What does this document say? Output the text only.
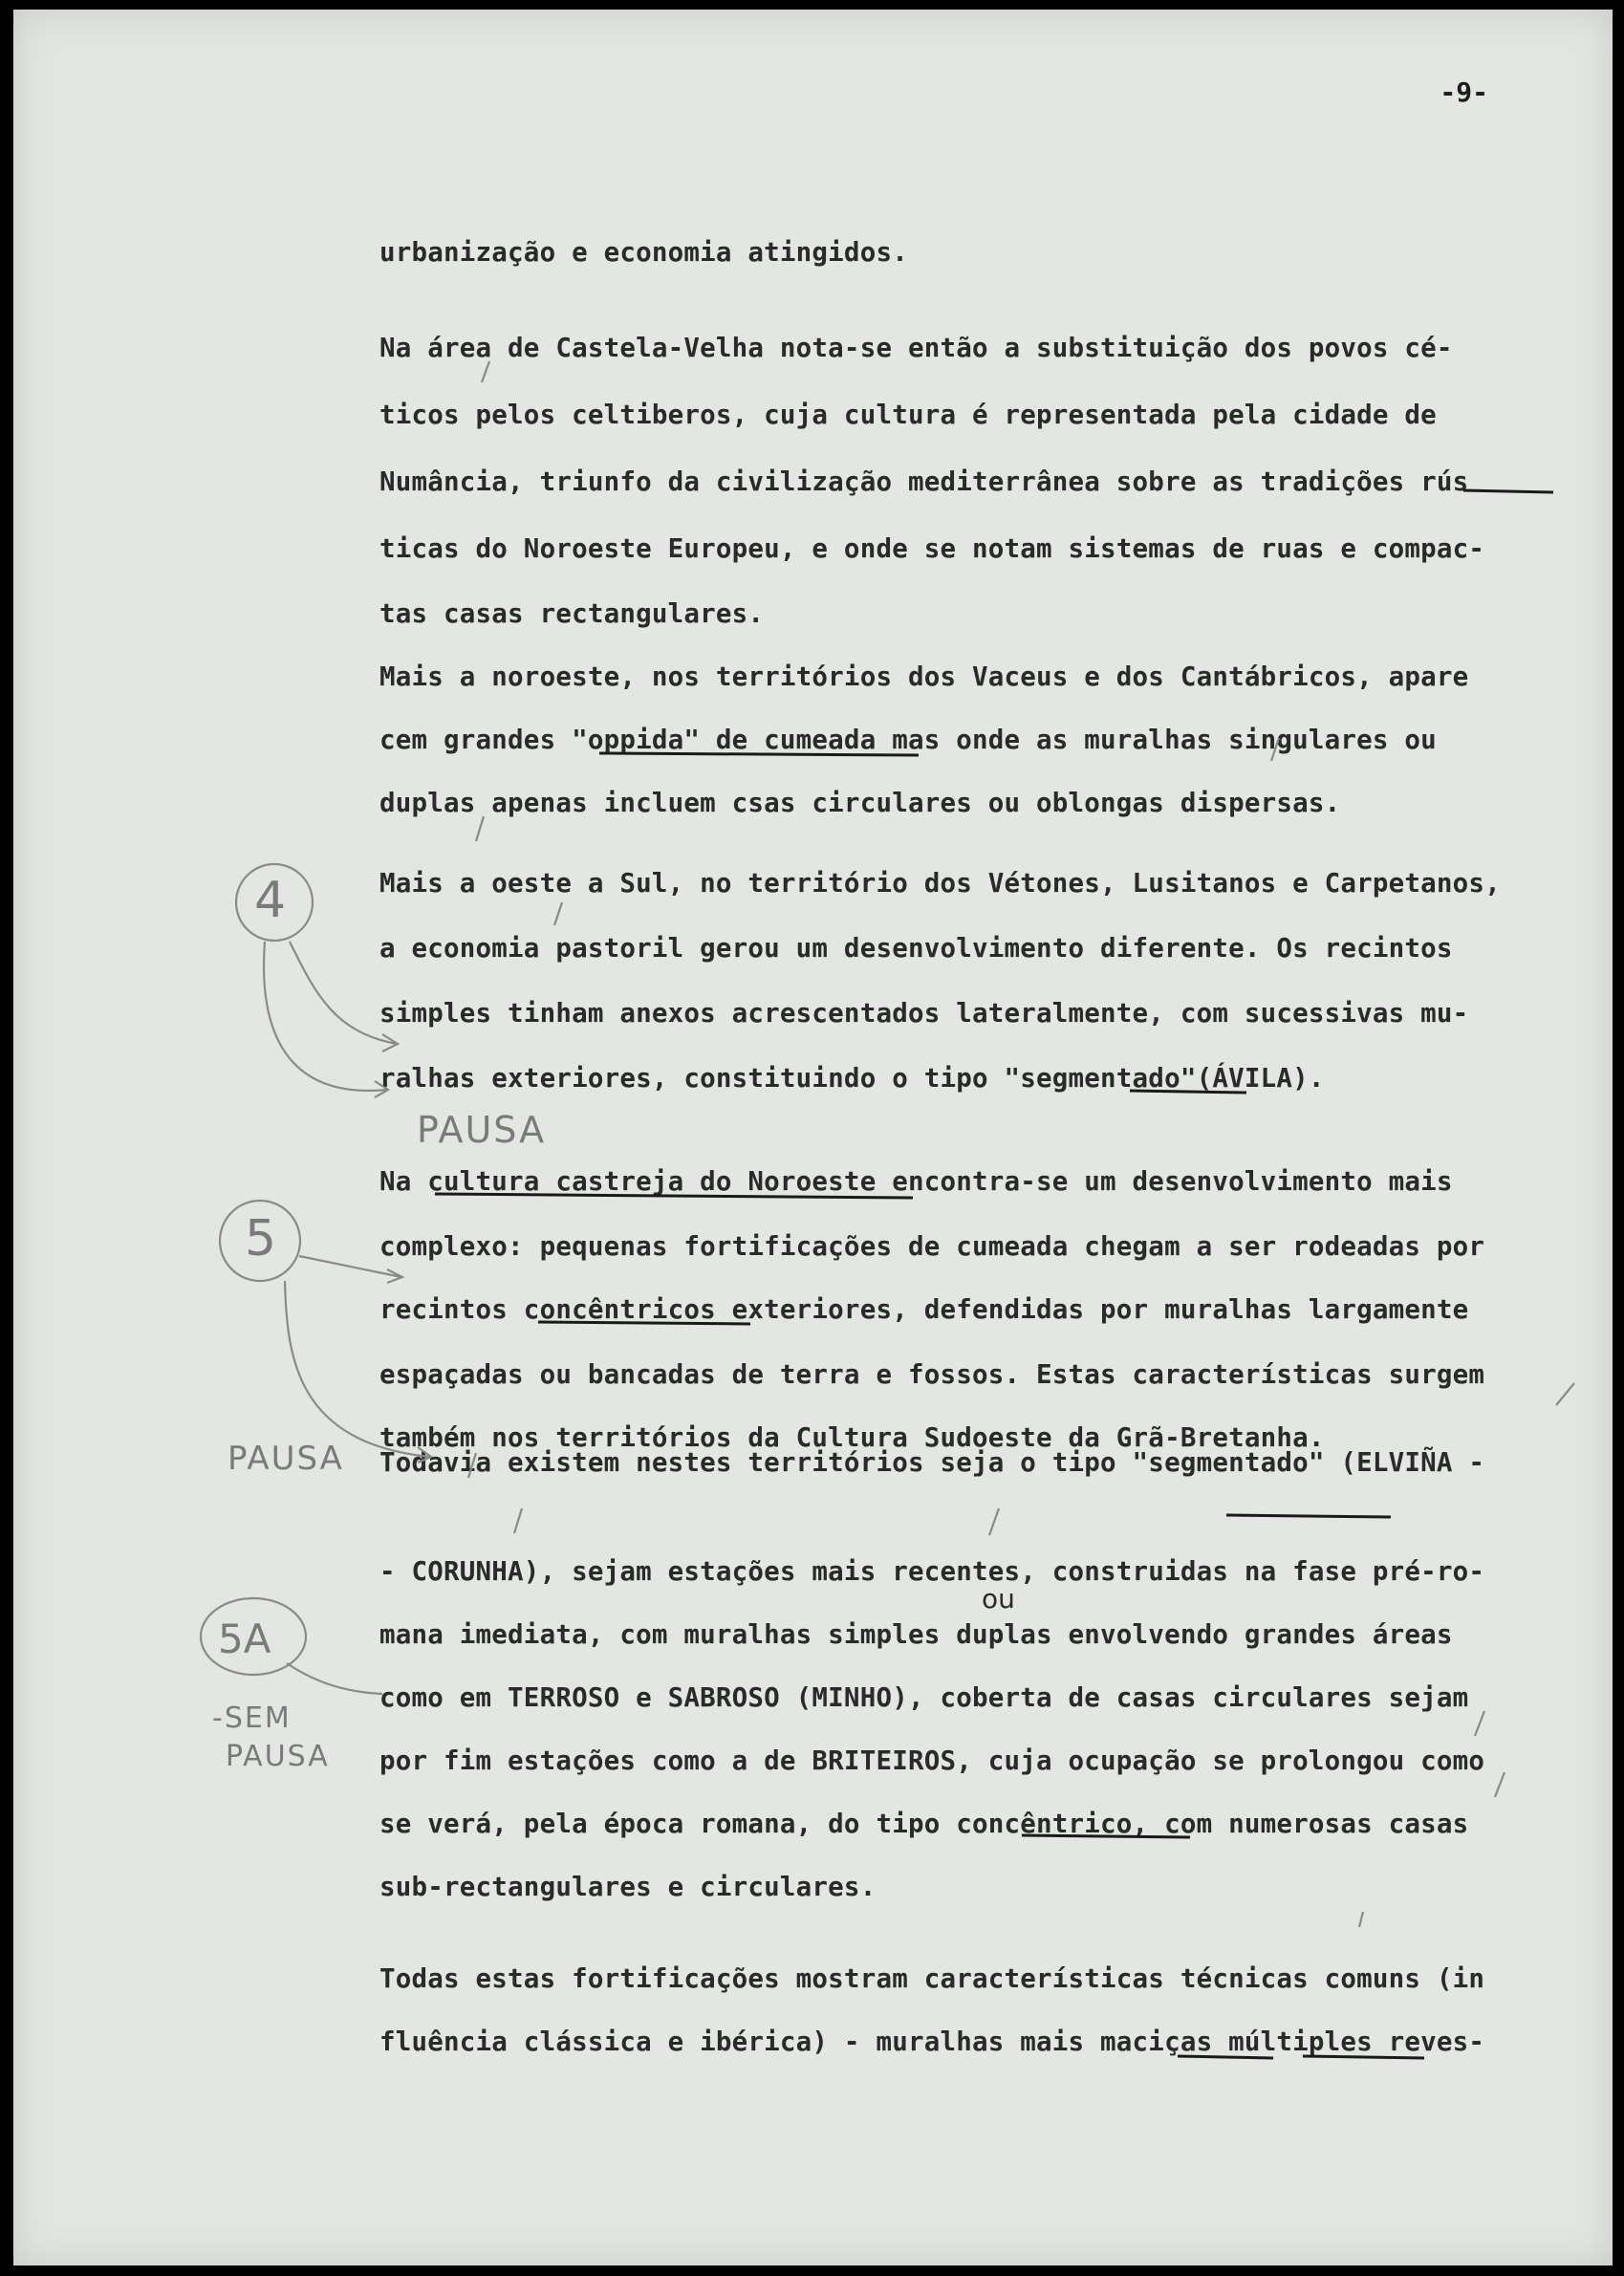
-9-
urbanização e economia atingidos.
Na área de Castela-Velha nota-se então a substituição dos povos cé-
ticos pelos celtiberos, cuja cultura é representada pela cidade de
Numância, triunfo da civilização mediterrânea sobre as tradições rús
ticas do Noroeste Europeu, e onde se notam sistemas de ruas e compac-
tas casas rectangulares.
Mais a noroeste, nos territórios dos Vaceus e dos Cantábricos, apare
cem grandes "oppida" de cumeada mas onde as muralhas singulares ou
duplas apenas incluem csas circulares ou oblongas dispersas.
Mais a oeste a Sul, no território dos Vétones, Lusitanos e Carpetanos,
a economia pastoril gerou um desenvolvimento diferente. Os recintos
simples tinham anexos acrescentados lateralmente, com sucessivas mu-
ralhas exteriores, constituindo o tipo "segmentado"(ÁVILA).
Na cultura castreja do Noroeste encontra-se um desenvolvimento mais
complexo: pequenas fortificações de cumeada chegam a ser rodeadas por
recintos concêntricos exteriores, defendidas por muralhas largamente
espaçadas ou bancadas de terra e fossos. Estas características surgem
também nos territórios da Cultura Sudoeste da Grã-Bretanha.
Todavia existem nestes territórios seja o tipo "segmentado" (ELVIÑA -
- CORUNHA), sejam estações mais recentes, construidas na fase pré-ro-
mana imediata, com muralhas simples duplas envolvendo grandes áreas
como em TERROSO e SABROSO (MINHO), coberta de casas circulares sejam
por fim estações como a de BRITEIROS, cuja ocupação se prolongou como
se verá, pela época romana, do tipo concêntrico, com numerosas casas
sub-rectangulares e circulares.
Todas estas fortificações mostram características técnicas comuns (in
fluência clássica e ibérica) - muralhas mais maciças múltiples reves-
4
5
5A
PAUSA
PAUSA
-SEM
PAUSA
ou
